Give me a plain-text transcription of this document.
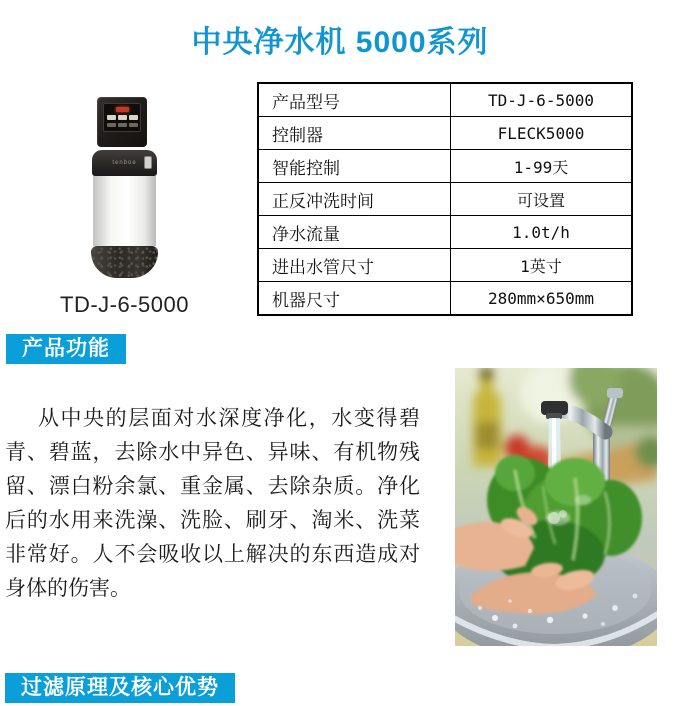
中央净水机 5000系列
tenboe
TD-J-6-5000
产品型号	TD-J-6-5000
控制器	FLECK5000
智能控制	1-99天
正反冲洗时间	可设置
净水流量	1.0t/h
进出水管尺寸	1英寸
机器尺寸	280mm×650mm
产品功能

从中央的层面对水深度净化，水变得碧青、碧蓝，去除水中异色、异味、有机物残留、漂白粉余氯、重金属、去除杂质。净化后的水用来洗澡、洗脸、刷牙、淘米、洗菜非常好。人不会吸收以上解决的东西造成对身体的伤害。

过滤原理及核心优势
